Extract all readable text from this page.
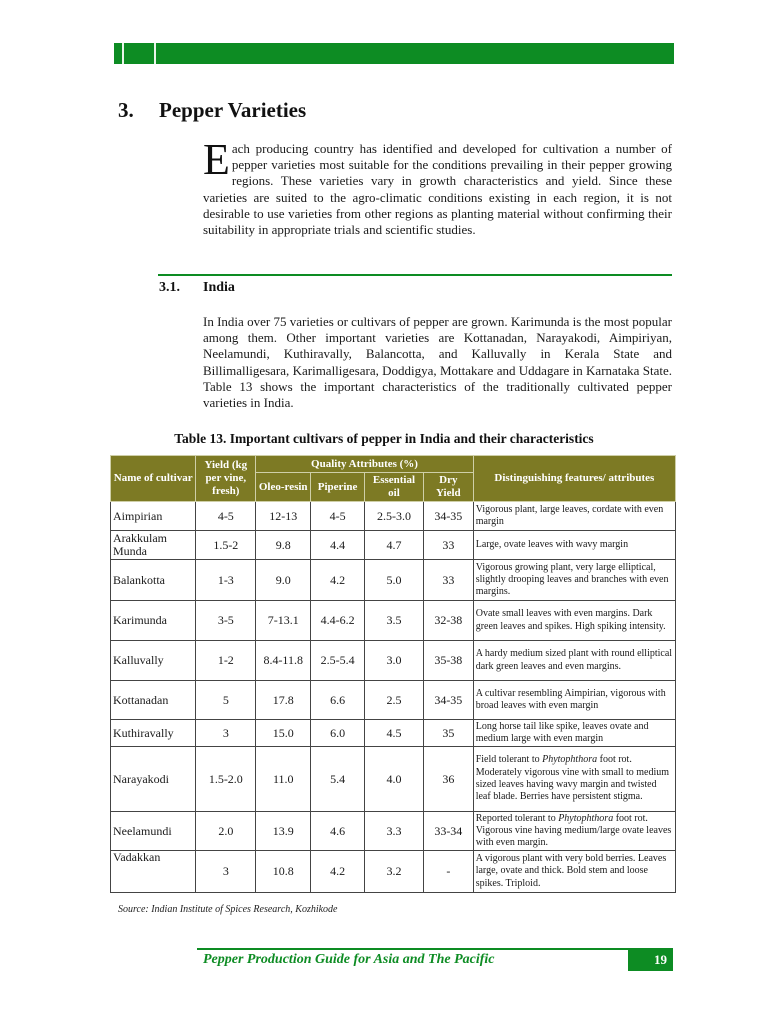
3. Pepper Varieties
Each producing country has identified and developed for cultivation a number of pepper varieties most suitable for the conditions prevailing in their pepper growing regions. These varieties vary in growth characteristics and yield. Since these varieties are suited to the agro-climatic conditions existing in each region, it is not desirable to use varieties from other regions as planting material without confirming their suitability in appropriate trials and scientific studies.
3.1. India
In India over 75 varieties or cultivars of pepper are grown. Karimunda is the most popular among them. Other important varieties are Kottanadan, Narayakodi, Aimpiriyan, Neelamundi, Kuthiravally, Balancotta, and Kalluvally in Kerala State and Billimalligesara, Karimalligesara, Doddigya, Mottakare and Uddagare in Karnataka State. Table 13 shows the important characteristics of the traditionally cultivated pepper varieties in India.
Table 13. Important cultivars of pepper in India and their characteristics
Name of cultivar	Yield (kg per vine, fresh)	Quality Attributes (%)				Distinguishing features/ attributes
		Oleo-resin	Piperine	Essential oil	Dry Yield	
Aimpirian	4-5	12-13	4-5	2.5-3.0	34-35	Vigorous plant, large leaves, cordate with even margin
Arakkulam Munda	1.5-2	9.8	4.4	4.7	33	Large, ovate leaves with wavy margin
Balankotta	1-3	9.0	4.2	5.0	33	Vigorous growing plant, very large elliptical, slightly drooping leaves and branches with even margins.
Karimunda	3-5	7-13.1	4.4-6.2	3.5	32-38	Ovate small leaves with even margins. Dark green leaves and spikes. High spiking intensity.
Kalluvally	1-2	8.4-11.8	2.5-5.4	3.0	35-38	A hardy medium sized plant with round elliptical dark green leaves and even margins.
Kottanadan	5	17.8	6.6	2.5	34-35	A cultivar resembling Aimpirian, vigorous with broad leaves with even margin
Kuthiravally	3	15.0	6.0	4.5	35	Long horse tail like spike, leaves ovate and medium large with even margin
Narayakodi	1.5-2.0	11.0	5.4	4.0	36	Field tolerant to Phytophthora foot rot. Moderately vigorous vine with small to medium sized leaves having wavy margin and twisted leaf blade. Berries have persistent stigma.
Neelamundi	2.0	13.9	4.6	3.3	33-34	Reported tolerant to Phytophthora foot rot. Vigorous vine having medium/large ovate leaves with even margin.
Vadakkan	3	10.8	4.2	3.2	-	A vigorous plant with very bold berries. Leaves large, ovate and thick. Bold stem and loose spikes. Triploid.
Source: Indian Institute of Spices Research, Kozhikode
Pepper Production Guide for Asia and The Pacific	19
